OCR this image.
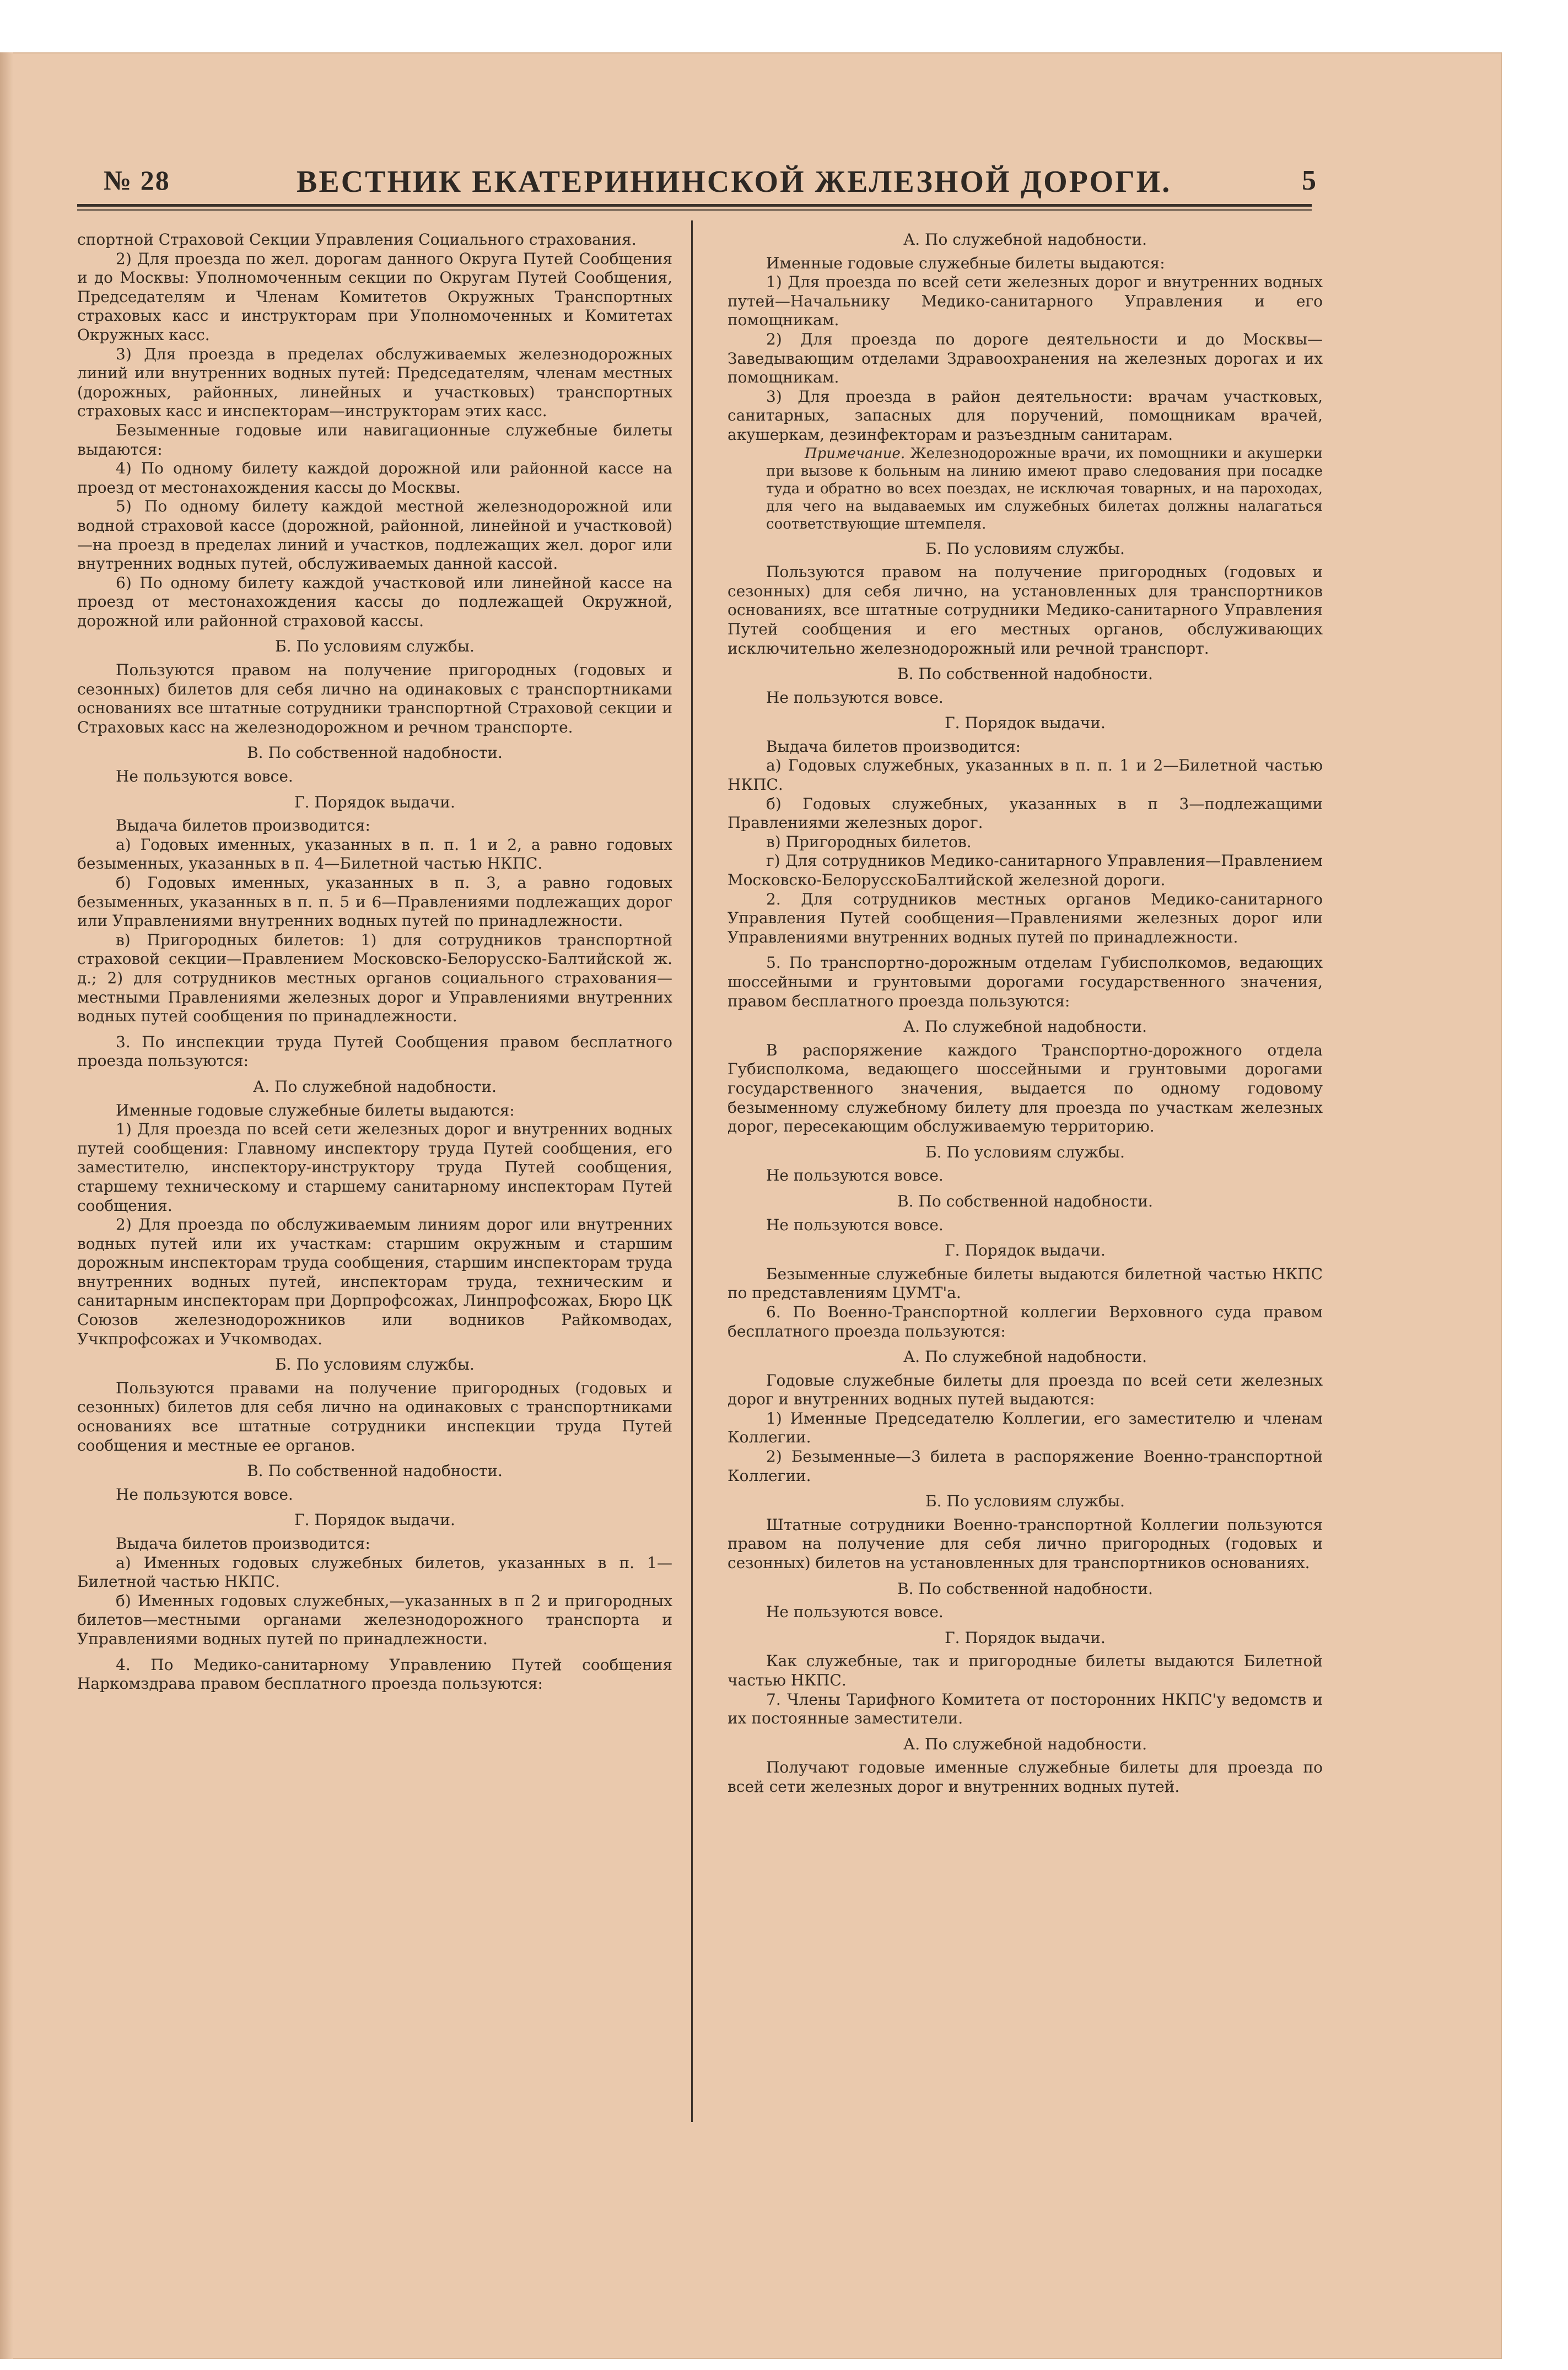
№ 28	ВЕСТНИК ЕКАТЕРИНИНСКОЙ ЖЕЛЕЗНОЙ ДОРОГИ.	5

спортной Страховой Секции Управления Социального страхования.

2) Для проезда по жел. дорогам данного Округа Путей Сообщения и до Москвы: Уполномоченным секции по Округам Путей Сообщения, Председателям и Членам Комитетов Окружных Транспортных страховых касс и инструкторам при Уполномоченных и Комитетах Окружных касс.

3) Для проезда в пределах обслуживаемых железнодорожных линий или внутренних водных путей: Председателям, членам местных (дорожных, районных, линейных и участковых) транспортных страховых касс и инспекторам—инструкторам этих касс.

Безыменные годовые или навигационные служебные билеты выдаются:

4) По одному билету каждой дорожной или районной кассе на проезд от местонахождения кассы до Москвы.

5) По одному билету каждой местной железнодорожной или водной страховой кассе (дорожной, районной, линейной и участковой)—на проезд в пределах линий и участков, подлежащих жел. дорог или внутренних водных путей, обслуживаемых данной кассой.

6) По одному билету каждой участковой или линейной кассе на проезд от местонахождения кассы до подлежащей Окружной, дорожной или районной страховой кассы.

Б. По условиям службы.

Пользуются правом на получение пригородных (годовых и сезонных) билетов для себя лично на одинаковых с транспортниками основаниях все штатные сотрудники транспортной Страховой секции и Страховых касс на железнодорожном и речном транспорте.

В. По собственной надобности.

Не пользуются вовсе.

Г. Порядок выдачи.

Выдача билетов производится:

а) Годовых именных, указанных в п. п. 1 и 2, а равно годовых безыменных, указанных в п. 4—Билетной частью НКПС.

б) Годовых именных, указанных в п. 3, а равно годовых безыменных, указанных в п. п. 5 и 6—Правлениями подлежащих дорог или Управлениями внутренних водных путей по принадлежности.

в) Пригородных билетов: 1) для сотрудников транспортной страховой секции—Правлением Московско-Белорусско-Балтийской ж. д.; 2) для сотрудников местных органов социального страхования—местными Правлениями железных дорог и Управлениями внутренних водных путей сообщения по принадлежности.

3. По инспекции труда Путей Сообщения правом бесплатного проезда пользуются:

А. По служебной надобности.

Именные годовые служебные билеты выдаются:

1) Для проезда по всей сети железных дорог и внутренних водных путей сообщения: Главному инспектору труда Путей сообщения, его заместителю, инспектору-инструктору труда Путей сообщения, старшему техническому и старшему санитарному инспекторам Путей сообщения.

2) Для проезда по обслуживаемым линиям дорог или внутренних водных путей или их участкам: старшим окружным и старшим дорожным инспекторам труда сообщения, старшим инспекторам труда внутренних водных путей, инспекторам труда, техническим и санитарным инспекторам при Дорпрофсожах, Линпрофсожах, Бюро ЦК Союзов железнодорожников или водников Райкомводах, Учкпрофсожах и Учкомводах.

Б. По условиям службы.

Пользуются правами на получение пригородных (годовых и сезонных) билетов для себя лично на одинаковых с транспортниками основаниях все штатные сотрудники инспекции труда Путей сообщения и местные ее органов.

В. По собственной надобности.

Не пользуются вовсе.

Г. Порядок выдачи.

Выдача билетов производится:

а) Именных годовых служебных билетов, указанных в п. 1—Билетной частью НКПС.

б) Именных годовых служебных,—указанных в п 2 и пригородных билетов—местными органами железнодорожного транспорта и Управлениями водных путей по принадлежности.

4. По Медико-санитарному Управлению Путей сообщения Наркомздрава правом бесплатного проезда пользуются:

А. По служебной надобности.

Именные годовые служебные билеты выдаются:

1) Для проезда по всей сети железных дорог и внутренних водных путей—Начальнику Медико-санитарного Управления и его помощникам.

2) Для проезда по дороге деятельности и до Москвы—Заведывающим отделами Здравоохранения на железных дорогах и их помощникам.

3) Для проезда в район деятельности: врачам участковых, санитарных, запасных для поручений, помощникам врачей, акушеркам, дезинфекторам и разъездным санитарам.

Примечание. Железнодорожные врачи, их помощники и акушерки при вызове к больным на линию имеют право следования при посадке туда и обратно во всех поездах, не исключая товарных, и на пароходах, для чего на выдаваемых им служебных билетах должны налагаться соответствующие штемпеля.

Б. По условиям службы.

Пользуются правом на получение пригородных (годовых и сезонных) для себя лично, на установленных для транспортников основаниях, все штатные сотрудники Медико-санитарного Управления Путей сообщения и его местных органов, обслуживающих исключительно железнодорожный или речной транспорт.

В. По собственной надобности.

Не пользуются вовсе.

Г. Порядок выдачи.

Выдача билетов производится:

а) Годовых служебных, указанных в п. п. 1 и 2—Билетной частью НКПС.

б) Годовых служебных, указанных в п 3—подлежащими Правлениями железных дорог.

в) Пригородных билетов.

г) Для сотрудников Медико-санитарного Управления—Правлением Московско-БелорусскоБалтийской железной дороги.

2. Для сотрудников местных органов Медико-санитарного Управления Путей сообщения—Правлениями железных дорог или Управлениями внутренних водных путей по принадлежности.

5. По транспортно-дорожным отделам Губисполкомов, ведающих шоссейными и грунтовыми дорогами государственного значения, правом бесплатного проезда пользуются:

А. По служебной надобности.

В распоряжение каждого Транспортно-дорожного отдела Губисполкома, ведающего шоссейными и грунтовыми дорогами государственного значения, выдается по одному годовому безыменному служебному билету для проезда по участкам железных дорог, пересекающим обслуживаемую территорию.

Б. По условиям службы.

Не пользуются вовсе.

В. По собственной надобности.

Не пользуются вовсе.

Г. Порядок выдачи.

Безыменные служебные билеты выдаются билетной частью НКПС по представлениям ЦУМТ'а.

6. По Военно-Транспортной коллегии Верховного суда правом бесплатного проезда пользуются:

А. По служебной надобности.

Годовые служебные билеты для проезда по всей сети железных дорог и внутренних водных путей выдаются:

1) Именные Председателю Коллегии, его заместителю и членам Коллегии.

2) Безыменные—3 билета в распоряжение Военно-транспортной Коллегии.

Б. По условиям службы.

Штатные сотрудники Военно-транспортной Коллегии пользуются правом на получение для себя лично пригородных (годовых и сезонных) билетов на установленных для транспортников основаниях.

В. По собственной надобности.

Не пользуются вовсе.

Г. Порядок выдачи.

Как служебные, так и пригородные билеты выдаются Билетной частью НКПС.

7. Члены Тарифного Комитета от посторонних НКПС'у ведомств и их постоянные заместители.

А. По служебной надобности.

Получают годовые именные служебные билеты для проезда по всей сети железных дорог и внутренних водных путей.
